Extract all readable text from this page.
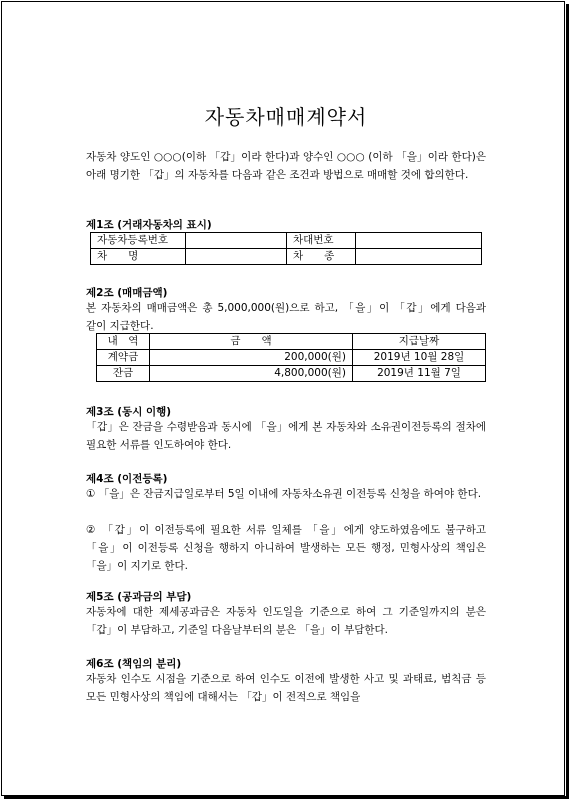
자동차매매계약서
자동차 양도인 ○○○(이하 「갑」이라 한다)과 양수인 ○○○ (이하 「을」이라 한다)은 아래 명기한 「갑」의 자동차를 다음과 같은 조건과 방법으로 매매할 것에 합의한다.
제1조 (거래자동차의 표시)
자동차등록번호		차대번호	
차　　명		차　　종	
제2조 (매매금액)
본 자동차의 매매금액은 총 5,000,000(원)으로 하고, 「을」이 「갑」에게 다음과 같이 지급한다.
내　역	금　　액	지급날짜
계약금	200,000(원)	2019년 10월 28일
잔금	4,800,000(원)	2019년 11월 7일
제3조 (동시 이행)
「갑」은 잔금을 수령받음과 동시에 「을」에게 본 자동차와 소유권이전등록의 절차에 필요한 서류를 인도하여야 한다.
제4조 (이전등록)
① 「을」은 잔금지급일로부터 5일 이내에 자동차소유권 이전등록 신청을 하여야 한다.
② 「갑」이 이전등록에 필요한 서류 일체를 「을」에게 양도하였음에도 불구하고 「을」이 이전등록 신청을 행하지 아니하여 발생하는 모든 행정, 민형사상의 책임은 「을」이 지기로 한다.
제5조 (공과금의 부담)
자동차에 대한 제세공과금은 자동차 인도일을 기준으로 하여 그 기준일까지의 분은 「갑」이 부담하고, 기준일 다음날부터의 분은 「을」이 부담한다.
제6조 (책임의 분리)
자동차 인수도 시점을 기준으로 하여 인수도 이전에 발생한 사고 및 과태료, 범칙금 등 모든 민형사상의 책임에 대해서는 「갑」이 전적으로 책임을
